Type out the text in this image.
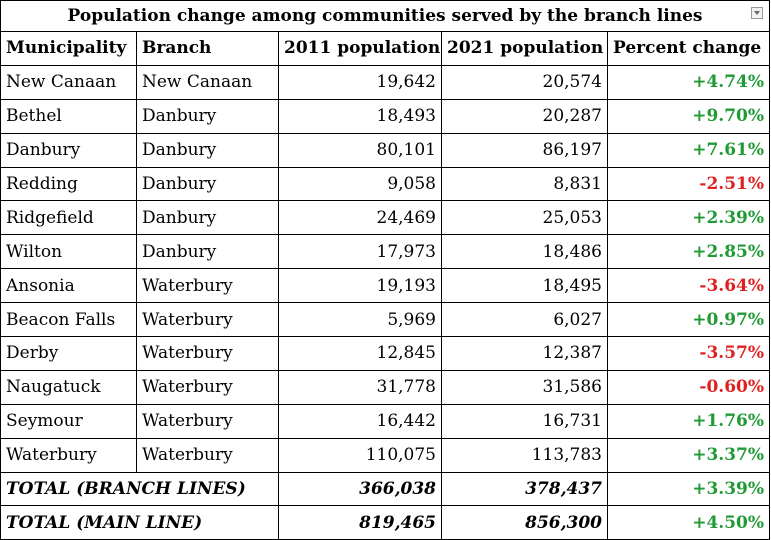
Population change among communities served by the branch lines				

Municipality	Branch	2011 population	2021 population	Percent change
New Canaan	New Canaan	19,642	20,574	+4.74%
Bethel	Danbury	18,493	20,287	+9.70%
Danbury	Danbury	80,101	86,197	+7.61%
Redding	Danbury	9,058	8,831	-2.51%
Ridgefield	Danbury	24,469	25,053	+2.39%
Wilton	Danbury	17,973	18,486	+2.85%
Ansonia	Waterbury	19,193	18,495	-3.64%
Beacon Falls	Waterbury	5,969	6,027	+0.97%
Derby	Waterbury	12,845	12,387	-3.57%
Naugatuck	Waterbury	31,778	31,586	-0.60%
Seymour	Waterbury	16,442	16,731	+1.76%
Waterbury	Waterbury	110,075	113,783	+3.37%
TOTAL (BRANCH LINES)		366,038	378,437	+3.39%
TOTAL (MAIN LINE)		819,465	856,300	+4.50%
